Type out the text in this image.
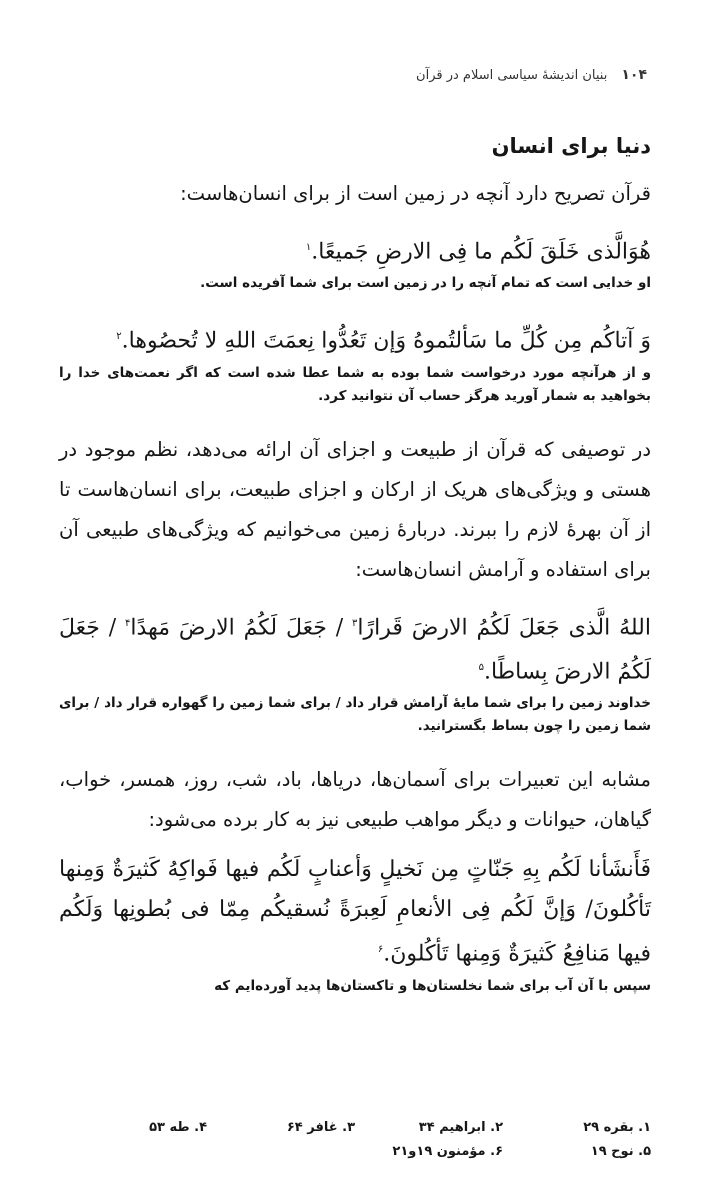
۱۰۴
بنیان اندیشهٔ سیاسی اسلام در قرآن
دنیا برای انسان

قرآن تصریح دارد آنچه در زمین است از برای انسان‌هاست:

هُوَالَّذی خَلَقَ لَکُم ما فِی الارضِ جَمیعًا.$^۱$

او خدایی است که تمام آنچه را در زمین است برای شما آفریده است.

وَ آتاکُم مِن کُلِّ ما سَألتُموهُ وَإن تَعُدُّوا نِعمَتَ اللهِ لا تُحصُوها.$^۲$

و از هرآنچه مورد درخواست شما بوده به شما عطا شده است که اگر نعمت‌های خدا را بخواهید به شمار آورید هرگز حساب آن نتوانید کرد.

در توصیفی که قرآن از طبیعت و اجزای آن ارائه می‌دهد، نظم موجود در هستی و ویژگی‌های هریک از ارکان و اجزای طبیعت، برای انسان‌هاست تا از آن بهرهٔ لازم را ببرند. دربارهٔ زمین می‌خوانیم که ویژگی‌های طبیعی آن برای استفاده و آرامش انسان‌هاست:

اللهُ الَّذی جَعَلَ لَکُمُ الارضَ قَرارًا$^۳$ / جَعَلَ لَکُمُ الارضَ مَهدًا$^۴$ / جَعَلَ لَکُمُ الارضَ بِساطًا.$^۵$

خداوند زمین را برای شما مایهٔ آرامش قرار داد / برای شما زمین را گهواره قرار داد / برای شما زمین را چون بساط بگسترانید.

مشابه این تعبیرات برای آسمان‌ها، دریاها، باد، شب، روز، همسر، خواب، گیاهان، حیوانات و دیگر مواهب طبیعی نیز به کار برده می‌شود:

فَأَنشَأنا لَکُم بِهِ جَنّاتٍ مِن نَخیلٍ وَأعنابٍ لَکُم فیها فَواکِهُ کَثیرَةٌ وَمِنها تَأکُلونَ/ وَإنَّ لَکُم فِی الأنعامِ لَعِبرَةً نُسقیکُم مِمّا فی بُطونِها وَلَکُم فیها مَنافِعُ کَثیرَةٌ وَمِنها تَأکُلونَ.$^۶$

سپس با آن آب برای شما نخلستان‌ها و تاکستان‌ها پدید آورده‌ایم که

۱. بقره ۲۹
۲. ابراهیم ۳۴
۳. غافر ۶۴
۴. طه ۵۳
۵. نوح ۱۹
۶. مؤمنون ۱۹و۲۱
